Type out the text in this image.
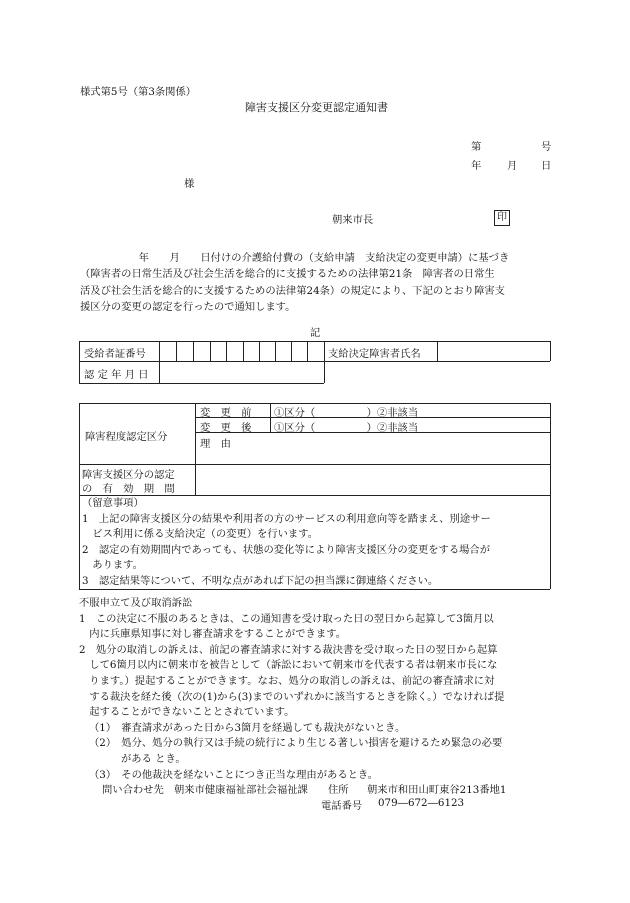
様式第5号（第3条関係）
障害支援区分変更認定通知書
第	号
年 月 日
様
朝来市長	印
　　年　　月　　日付けの介護給付費の（支給申請　支給決定の変更申請）に基づき
（障害者の日常生活及び社会生活を総合的に支援するための法律第21条　障害者の日常生
活及び社会生活を総合的に支援するための法律第24条）の規定により、下記のとおり障害支
援区分の変更の認定を行ったので通知します。
記
受給者証番号	支給決定障害者氏名
認 定 年 月 日
障害程度認定区分
変　更　前 ①区分（　　　　　）②非該当
変　更　後 ①区分（　　　　　）②非該当
理　由
障害支援区分の認定
の　有　効　期　間
（留意事項）
1　上記の障害支援区分の結果や利用者の方のサービスの利用意向等を踏まえ、別途サー
　ビス利用に係る支給決定（の変更）を行います。
2　認定の有効期間内であっても、状態の変化等により障害支援区分の変更をする場合が
　あります。
3　認定結果等について、不明な点があれば下記の担当課に御連絡ください。
不服申立て及び取消訴訟
1　この決定に不服のあるときは、この通知書を受け取った日の翌日から起算して3箇月以
　内に兵庫県知事に対し審査請求をすることができます。
2　処分の取消しの訴えは、前記の審査請求に対する裁決書を受け取った日の翌日から起算
　して6箇月以内に朝来市を被告として（訴訟において朝来市を代表する者は朝来市長にな
　ります。）提起することができます。なお、処分の取消しの訴えは、前記の審査請求に対
　する裁決を経た後（次の(1)から(3)までのいずれかに該当するときを除く。）でなければ提
　起することができないこととされています。
（1）　審査請求があった日から3箇月を経過しても裁決がないとき。
（2）　処分、処分の執行又は手続の続行により生じる著しい損害を避けるため緊急の必要
がある とき。
（3）　その他裁決を経ないことにつき正当な理由があるとき。
問い合わせ先 朝来市健康福祉部社会福祉課 住所 朝来市和田山町東谷213番地1
電話番号 079―672―6123
